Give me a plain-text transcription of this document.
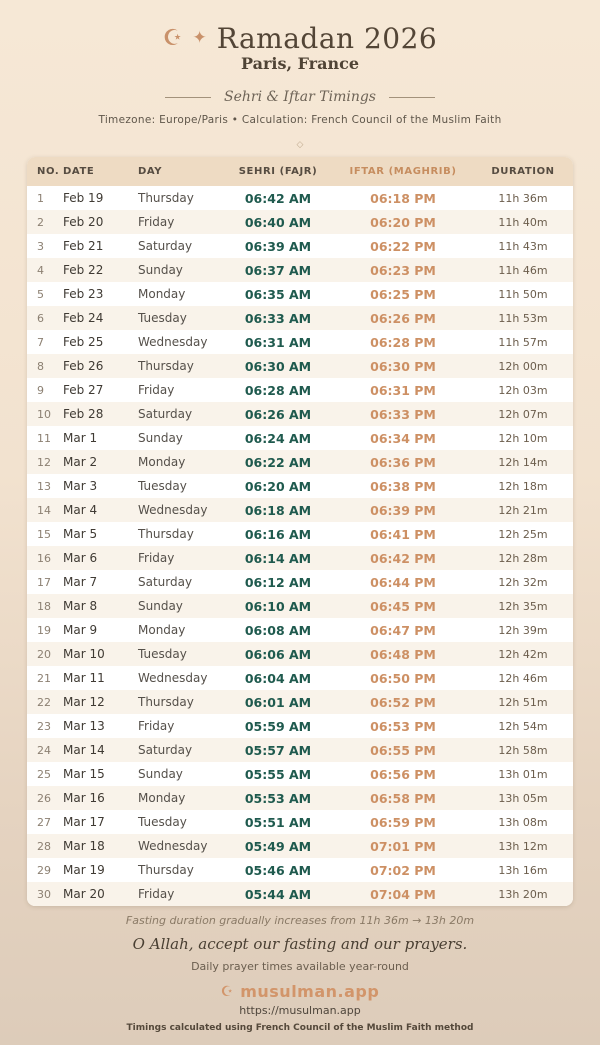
☪ ✦ Ramadan 2026
Paris, France
Sehri & Iftar Timings
Timezone: Europe/Paris • Calculation: French Council of the Muslim Faith
◇
NO.	DATE	DAY	SEHRI (FAJR)	IFTAR (MAGHRIB)	DURATION
1	Feb 19	Thursday	06:42 AM	06:18 PM	11h 36m
2	Feb 20	Friday	06:40 AM	06:20 PM	11h 40m
3	Feb 21	Saturday	06:39 AM	06:22 PM	11h 43m
4	Feb 22	Sunday	06:37 AM	06:23 PM	11h 46m
5	Feb 23	Monday	06:35 AM	06:25 PM	11h 50m
6	Feb 24	Tuesday	06:33 AM	06:26 PM	11h 53m
7	Feb 25	Wednesday	06:31 AM	06:28 PM	11h 57m
8	Feb 26	Thursday	06:30 AM	06:30 PM	12h 00m
9	Feb 27	Friday	06:28 AM	06:31 PM	12h 03m
10	Feb 28	Saturday	06:26 AM	06:33 PM	12h 07m
11	Mar 1	Sunday	06:24 AM	06:34 PM	12h 10m
12	Mar 2	Monday	06:22 AM	06:36 PM	12h 14m
13	Mar 3	Tuesday	06:20 AM	06:38 PM	12h 18m
14	Mar 4	Wednesday	06:18 AM	06:39 PM	12h 21m
15	Mar 5	Thursday	06:16 AM	06:41 PM	12h 25m
16	Mar 6	Friday	06:14 AM	06:42 PM	12h 28m
17	Mar 7	Saturday	06:12 AM	06:44 PM	12h 32m
18	Mar 8	Sunday	06:10 AM	06:45 PM	12h 35m
19	Mar 9	Monday	06:08 AM	06:47 PM	12h 39m
20	Mar 10	Tuesday	06:06 AM	06:48 PM	12h 42m
21	Mar 11	Wednesday	06:04 AM	06:50 PM	12h 46m
22	Mar 12	Thursday	06:01 AM	06:52 PM	12h 51m
23	Mar 13	Friday	05:59 AM	06:53 PM	12h 54m
24	Mar 14	Saturday	05:57 AM	06:55 PM	12h 58m
25	Mar 15	Sunday	05:55 AM	06:56 PM	13h 01m
26	Mar 16	Monday	05:53 AM	06:58 PM	13h 05m
27	Mar 17	Tuesday	05:51 AM	06:59 PM	13h 08m
28	Mar 18	Wednesday	05:49 AM	07:01 PM	13h 12m
29	Mar 19	Thursday	05:46 AM	07:02 PM	13h 16m
30	Mar 20	Friday	05:44 AM	07:04 PM	13h 20m
Fasting duration gradually increases from 11h 36m → 13h 20m
O Allah, accept our fasting and our prayers.
Daily prayer times available year-round
☪ musulman.app
https://musulman.app
Timings calculated using French Council of the Muslim Faith method
